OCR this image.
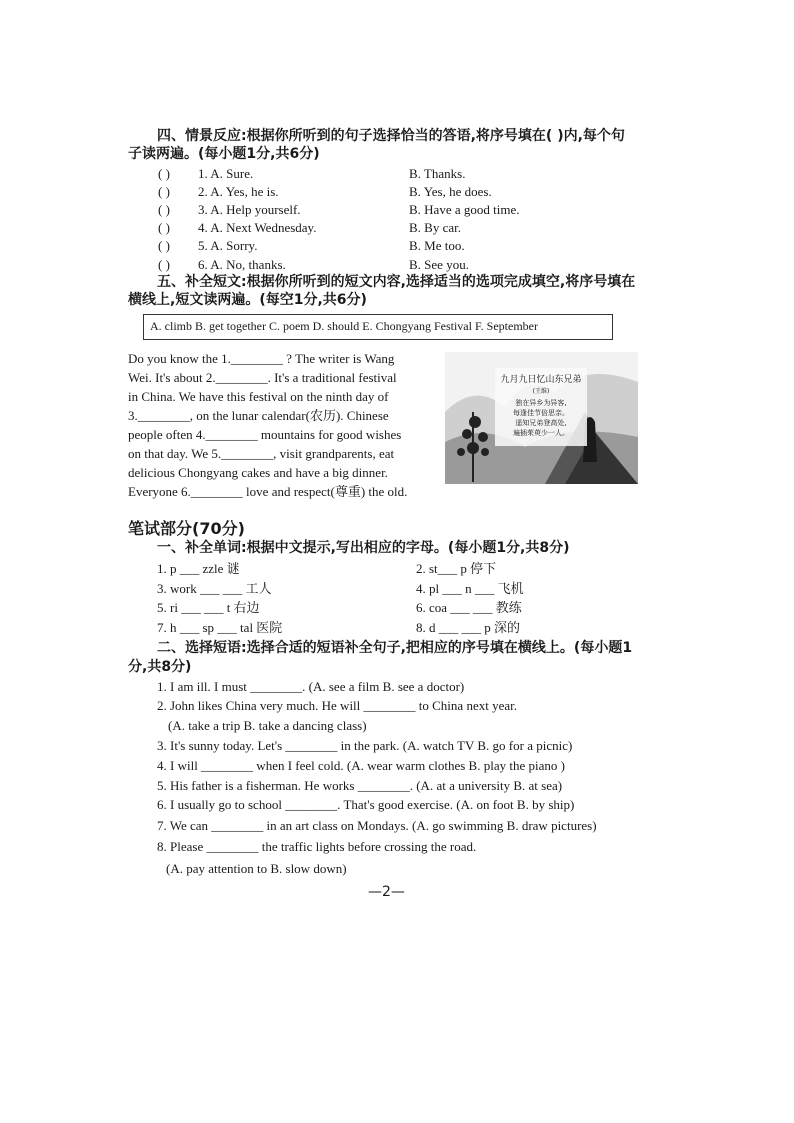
四、情景反应:根据你所听到的句子选择恰当的答语,将序号填在( )内,每个句
子读两遍。(每小题1分,共6分)
( ) 1. A. Sure.	B. Thanks.
( ) 2. A. Yes, he is.	B. Yes, he does.
( ) 3. A. Help yourself.	B. Have a good time.
( ) 4. A. Next Wednesday.	B. By car.
( ) 5. A. Sorry.	B. Me too.
( ) 6. A. No, thanks.	B. See you.
五、补全短文:根据你所听到的短文内容,选择适当的选项完成填空,将序号填在
横线上,短文读两遍。(每空1分,共6分)
A. climb B. get together C. poem D. should E. Chongyang Festival F. September
Do you know the 1.________ ? The writer is Wang
Wei. It's about 2.________. It's a traditional festival
in China. We have this festival on the ninth day of
3.________, on the lunar calendar(农历). Chinese
people often 4.________ mountains for good wishes
on that day. We 5.________, visit grandparents, eat
delicious Chongyang cakes and have a big dinner.
Everyone 6.________ love and respect(尊重) the old.
九月九日忆山东兄弟
(王维)
独在异乡为异客,
每逢佳节倍思亲。
遥知兄弟登高处,
遍插茱萸少一人。
笔试部分(70分)
一、补全单词:根据中文提示,写出相应的字母。(每小题1分,共8分)
1. p ___ zzle 谜	2. st___ p 停下
3. work ___ ___ 工人	4. pl ___ n ___ 飞机
5. ri ___ ___ t 右边	6. coa ___ ___ 教练
7. h ___ sp ___ tal 医院	8. d ___ ___ p 深的
二、选择短语:选择合适的短语补全句子,把相应的序号填在横线上。(每小题1
分,共8分)
1. I am ill. I must ________. (A. see a film B. see a doctor)
2. John likes China very much. He will ________ to China next year.
(A. take a trip B. take a dancing class)
3. It's sunny today. Let's ________ in the park. (A. watch TV B. go for a picnic)
4. I will ________ when I feel cold. (A. wear warm clothes B. play the piano )
5. His father is a fisherman. He works ________. (A. at a university B. at sea)
6. I usually go to school ________. That's good exercise. (A. on foot B. by ship)
7. We can ________ in an art class on Mondays. (A. go swimming B. draw pictures)
8. Please ________ the traffic lights before crossing the road.
(A. pay attention to B. slow down)
—2—
